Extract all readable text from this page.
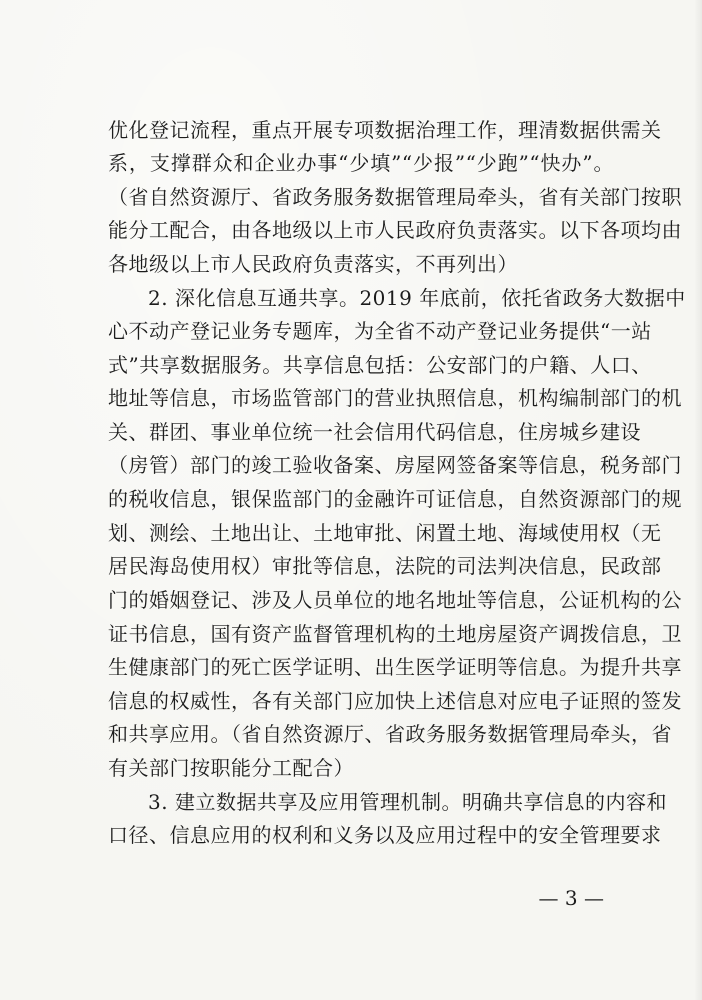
优化登记流程，重点开展专项数据治理工作，理清数据供需关
系，支撑群众和企业办事“少填”“少报”“少跑”“快办”。
（省自然资源厅、省政务服务数据管理局牵头，省有关部门按职
能分工配合，由各地级以上市人民政府负责落实。以下各项均由
各地级以上市人民政府负责落实，不再列出）
2. 深化信息互通共享。2019 年底前，依托省政务大数据中
心不动产登记业务专题库，为全省不动产登记业务提供“一站
式”共享数据服务。共享信息包括：公安部门的户籍、人口、
地址等信息，市场监管部门的营业执照信息，机构编制部门的机
关、群团、事业单位统一社会信用代码信息，住房城乡建设
（房管）部门的竣工验收备案、房屋网签备案等信息，税务部门
的税收信息，银保监部门的金融许可证信息，自然资源部门的规
划、测绘、土地出让、土地审批、闲置土地、海域使用权（无
居民海岛使用权）审批等信息，法院的司法判决信息，民政部
门的婚姻登记、涉及人员单位的地名地址等信息，公证机构的公
证书信息，国有资产监督管理机构的土地房屋资产调拨信息，卫
生健康部门的死亡医学证明、出生医学证明等信息。为提升共享
信息的权威性，各有关部门应加快上述信息对应电子证照的签发
和共享应用。（省自然资源厅、省政务服务数据管理局牵头，省
有关部门按职能分工配合）
3. 建立数据共享及应用管理机制。明确共享信息的内容和
口径、信息应用的权利和义务以及应用过程中的安全管理要求
— 3 —
